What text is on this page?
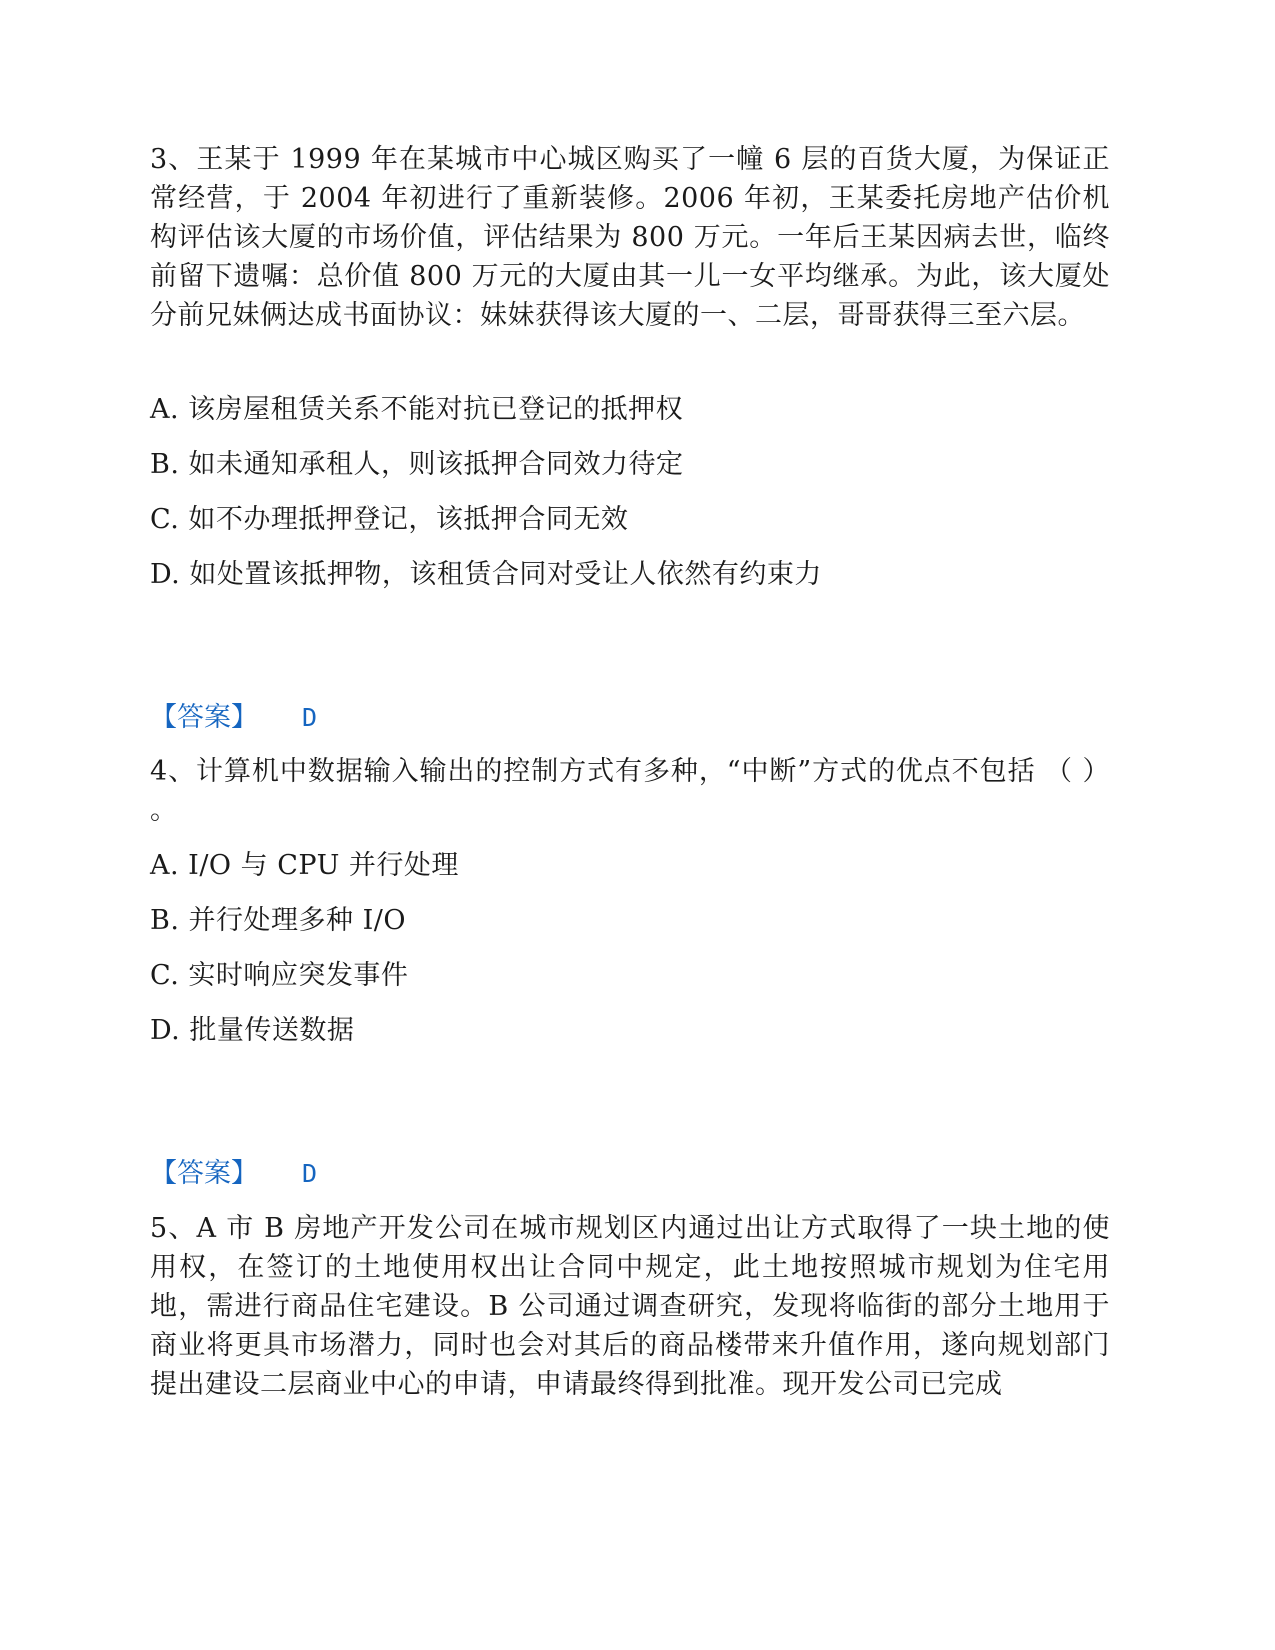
3、王某于 1999 年在某城市中心城区购买了一幢 6 层的百货大厦，为保证正常经营，于 2004 年初进行了重新装修。2006 年初，王某委托房地产估价机构评估该大厦的市场价值，评估结果为 800 万元。一年后王某因病去世，临终前留下遗嘱：总价值 800 万元的大厦由其一儿一女平均继承。为此，该大厦处分前兄妹俩达成书面协议：妹妹获得该大厦的一、二层，哥哥获得三至六层。
A. 该房屋租赁关系不能对抗已登记的抵押权
B. 如未通知承租人，则该抵押合同效力待定
C. 如不办理抵押登记，该抵押合同无效
D. 如处置该抵押物，该租赁合同对受让人依然有约束力
【答案】 D
4、计算机中数据输入输出的控制方式有多种，“中断”方式的优点不包括 （ ） 。
A. I/O 与 CPU 并行处理
B. 并行处理多种 I/O
C. 实时响应突发事件
D. 批量传送数据
【答案】 D
5、A 市 B 房地产开发公司在城市规划区内通过出让方式取得了一块土地的使用权，在签订的土地使用权出让合同中规定，此土地按照城市规划为住宅用地，需进行商品住宅建设。B 公司通过调查研究，发现将临街的部分土地用于商业将更具市场潜力，同时也会对其后的商品楼带来升值作用，遂向规划部门提出建设二层商业中心的申请，申请最终得到批准。现开发公司已完成
